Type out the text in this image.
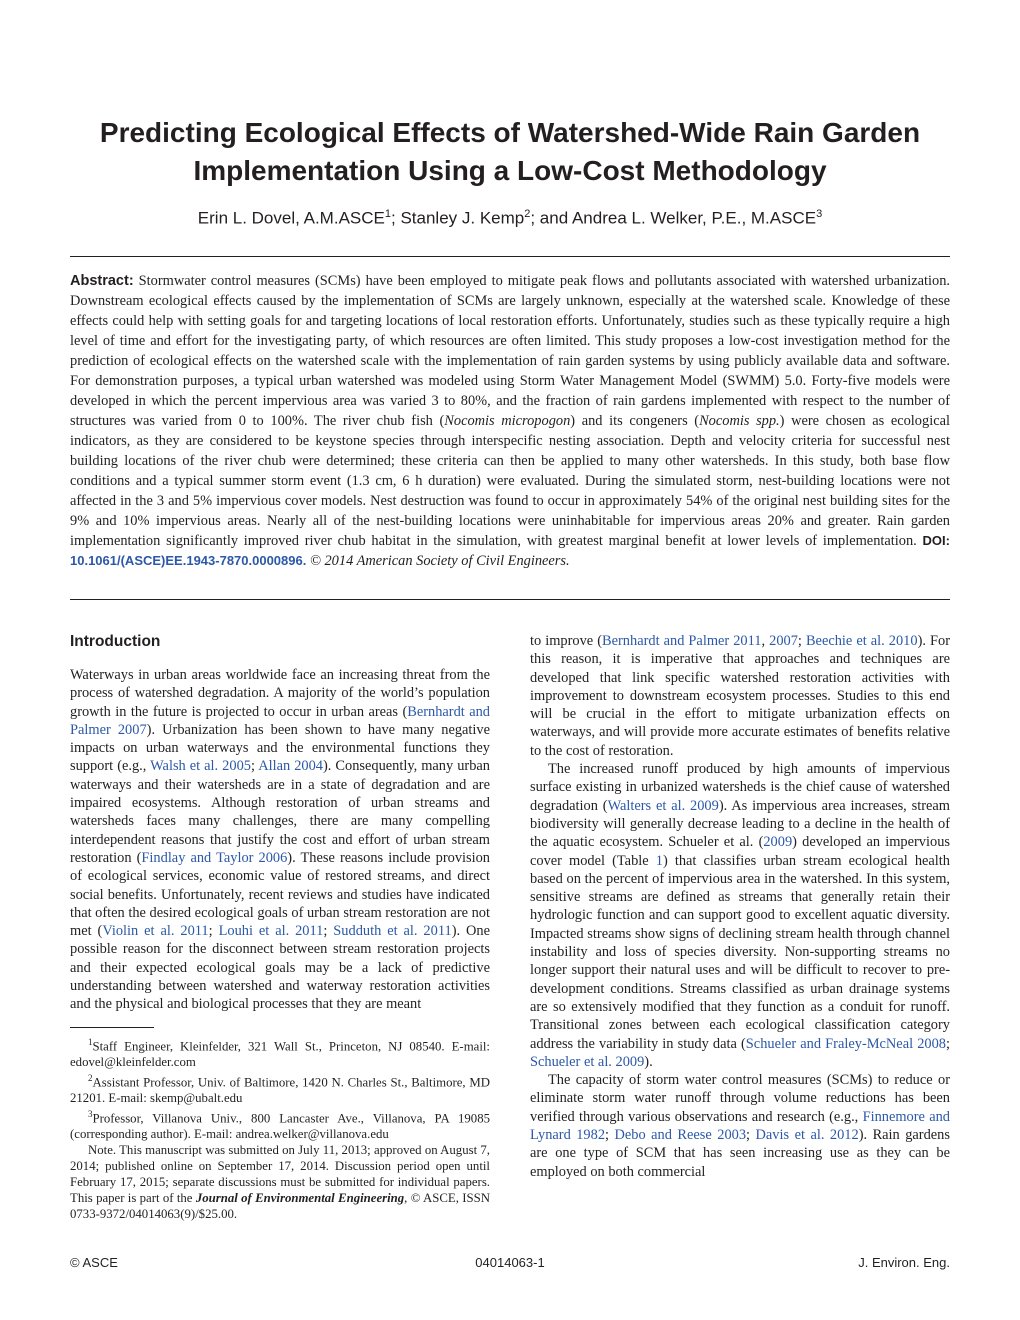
Predicting Ecological Effects of Watershed-Wide Rain Garden Implementation Using a Low-Cost Methodology
Erin L. Dovel, A.M.ASCE$^1$; Stanley J. Kemp$^2$; and Andrea L. Welker, P.E., M.ASCE$^3$
Abstract: Stormwater control measures (SCMs) have been employed to mitigate peak flows and pollutants associated with watershed urbanization. Downstream ecological effects caused by the implementation of SCMs are largely unknown, especially at the watershed scale. Knowledge of these effects could help with setting goals for and targeting locations of local restoration efforts. Unfortunately, studies such as these typically require a high level of time and effort for the investigating party, of which resources are often limited. This study proposes a low-cost investigation method for the prediction of ecological effects on the watershed scale with the implementation of rain garden systems by using publicly available data and software. For demonstration purposes, a typical urban watershed was modeled using Storm Water Management Model (SWMM) 5.0. Forty-five models were developed in which the percent impervious area was varied 3 to 80%, and the fraction of rain gardens implemented with respect to the number of structures was varied from 0 to 100%. The river chub fish (Nocomis micropogon) and its congeners (Nocomis spp.) were chosen as ecological indicators, as they are considered to be keystone species through interspecific nesting association. Depth and velocity criteria for successful nest building locations of the river chub were determined; these criteria can then be applied to many other watersheds. In this study, both base flow conditions and a typical summer storm event (1.3 cm, 6 h duration) were evaluated. During the simulated storm, nest-building locations were not affected in the 3 and 5% impervious cover models. Nest destruction was found to occur in approximately 54% of the original nest building sites for the 9% and 10% impervious areas. Nearly all of the nest-building locations were uninhabitable for impervious areas 20% and greater. Rain garden implementation significantly improved river chub habitat in the simulation, with greatest marginal benefit at lower levels of implementation. DOI: 10.1061/(ASCE)EE.1943-7870.0000896. © 2014 American Society of Civil Engineers.
Introduction

Waterways in urban areas worldwide face an increasing threat from the process of watershed degradation. A majority of the world’s population growth in the future is projected to occur in urban areas (Bernhardt and Palmer 2007). Urbanization has been shown to have many negative impacts on urban waterways and the environmental functions they support (e.g., Walsh et al. 2005; Allan 2004). Consequently, many urban waterways and their watersheds are in a state of degradation and are impaired ecosystems. Although restoration of urban streams and watersheds faces many challenges, there are many compelling interdependent reasons that justify the cost and effort of urban stream restoration (Findlay and Taylor 2006). These reasons include provision of ecological services, economic value of restored streams, and direct social benefits. Unfortunately, recent reviews and studies have indicated that often the desired ecological goals of urban stream restoration are not met (Violin et al. 2011; Louhi et al. 2011; Sudduth et al. 2011). One possible reason for the disconnect between stream restoration projects and their expected ecological goals may be a lack of predictive understanding between watershed and waterway restoration activities and the physical and biological processes that they are meant

$^1$Staff Engineer, Kleinfelder, 321 Wall St., Princeton, NJ 08540. E-mail: edovel@kleinfelder.com

$^2$Assistant Professor, Univ. of Baltimore, 1420 N. Charles St., Baltimore, MD 21201. E-mail: skemp@ubalt.edu

$^3$Professor, Villanova Univ., 800 Lancaster Ave., Villanova, PA 19085 (corresponding author). E-mail: andrea.welker@villanova.edu

Note. This manuscript was submitted on July 11, 2013; approved on August 7, 2014; published online on September 17, 2014. Discussion period open until February 17, 2015; separate discussions must be submitted for individual papers. This paper is part of the Journal of Environmental Engineering, © ASCE, ISSN 0733-9372/04014063(9)/$25.00.

to improve (Bernhardt and Palmer 2011, 2007; Beechie et al. 2010). For this reason, it is imperative that approaches and techniques are developed that link specific watershed restoration activities with improvement to downstream ecosystem processes. Studies to this end will be crucial in the effort to mitigate urbanization effects on waterways, and will provide more accurate estimates of benefits relative to the cost of restoration.

The increased runoff produced by high amounts of impervious surface existing in urbanized watersheds is the chief cause of watershed degradation (Walters et al. 2009). As impervious area increases, stream biodiversity will generally decrease leading to a decline in the health of the aquatic ecosystem. Schueler et al. (2009) developed an impervious cover model (Table 1) that classifies urban stream ecological health based on the percent of impervious area in the watershed. In this system, sensitive streams are defined as streams that generally retain their hydrologic function and can support good to excellent aquatic diversity. Impacted streams show signs of declining stream health through channel instability and loss of species diversity. Non-supporting streams no longer support their natural uses and will be difficult to recover to pre-development conditions. Streams classified as urban drainage systems are so extensively modified that they function as a conduit for runoff. Transitional zones between each ecological classification category address the variability in study data (Schueler and Fraley-McNeal 2008; Schueler et al. 2009).

The capacity of storm water control measures (SCMs) to reduce or eliminate storm water runoff through volume reductions has been verified through various observations and research (e.g., Finnemore and Lynard 1982; Debo and Reese 2003; Davis et al. 2012). Rain gardens are one type of SCM that has seen increasing use as they can be employed on both commercial

© ASCE	04014063-1	J. Environ. Eng.
